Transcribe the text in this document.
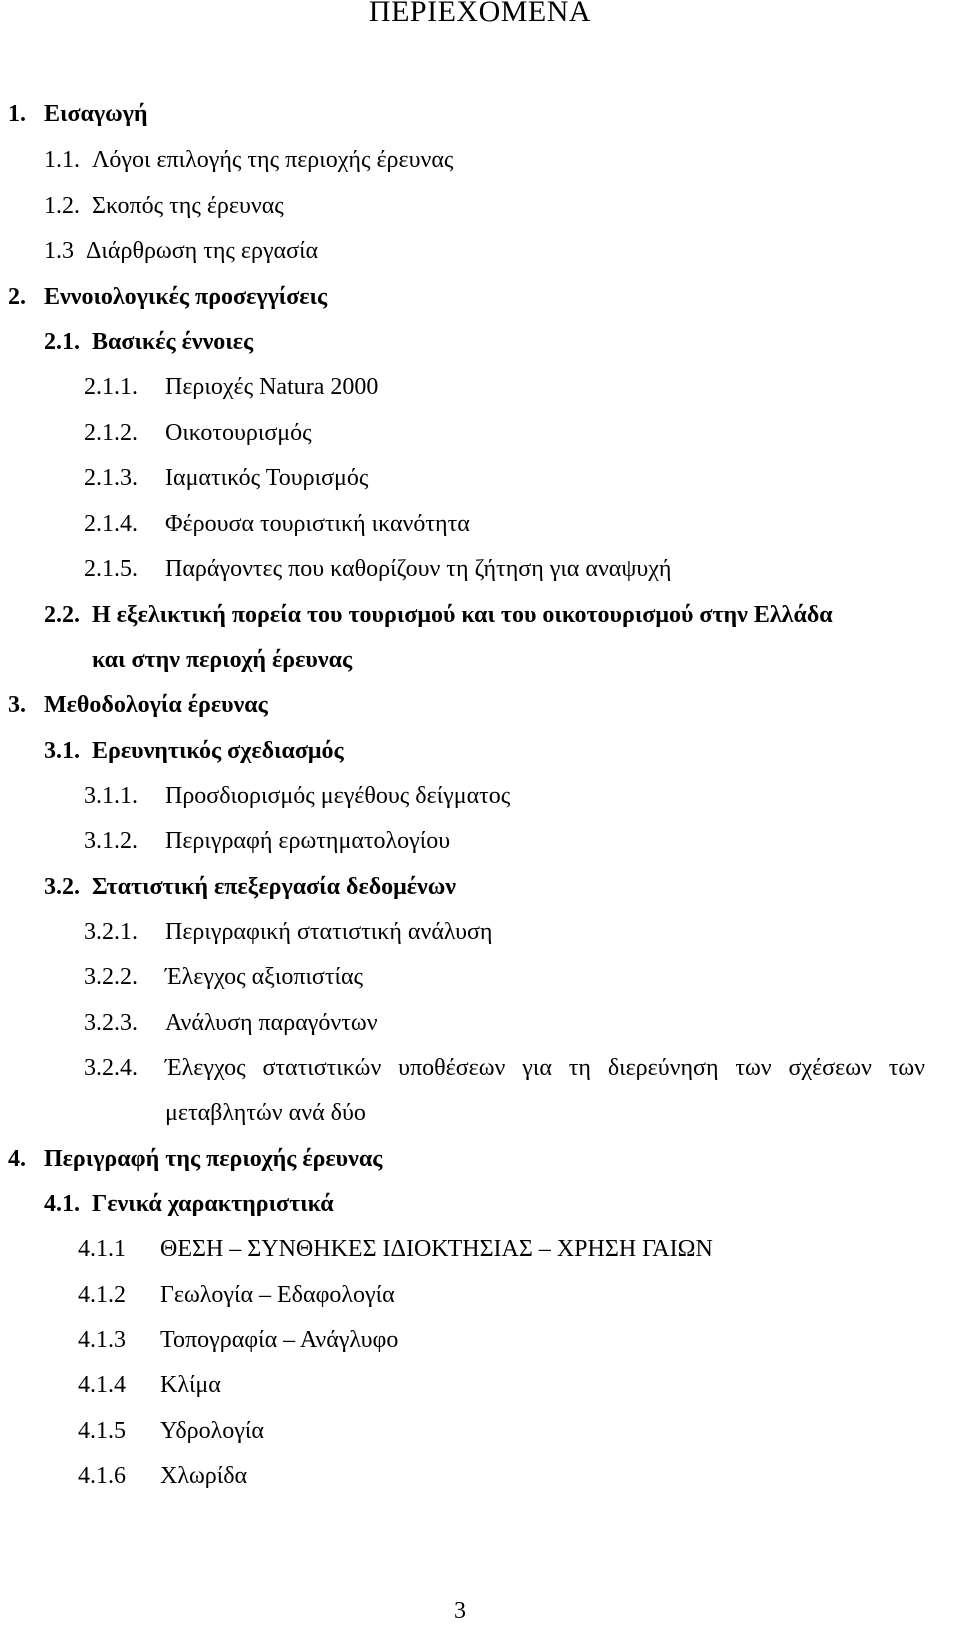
ΠΕΡΙΕΧΟΜΕΝΑ
1. Εισαγωγή
1.1. Λόγοι επιλογής της περιοχής έρευνας
1.2. Σκοπός της έρευνας
1.3 Διάρθρωση της εργασία
2. Εννοιολογικές προσεγγίσεις
2.1. Βασικές έννοιες
2.1.1. Περιοχές Natura 2000
2.1.2. Οικοτουρισμός
2.1.3. Ιαματικός Τουρισμός
2.1.4. Φέρουσα τουριστική ικανότητα
2.1.5. Παράγοντες που καθορίζουν τη ζήτηση για αναψυχή
2.2. Η εξελικτική πορεία του τουρισμού και του οικοτουρισμού στην Ελλάδα
και στην περιοχή έρευνας
3. Μεθοδολογία έρευνας
3.1. Ερευνητικός σχεδιασμός
3.1.1. Προσδιορισμός μεγέθους δείγματος
3.1.2. Περιγραφή ερωτηματολογίου
3.2. Στατιστική επεξεργασία δεδομένων
3.2.1. Περιγραφική στατιστική ανάλυση
3.2.2. Έλεγχος αξιοπιστίας
3.2.3. Ανάλυση παραγόντων
3.2.4. Έλεγχος στατιστικών υποθέσεων για τη διερεύνηση των σχέσεων των
μεταβλητών ανά δύο
4. Περιγραφή της περιοχής έρευνας
4.1. Γενικά χαρακτηριστικά
4.1.1 ΘΕΣΗ – ΣΥΝΘΗΚΕΣ ΙΔΙΟΚΤΗΣΙΑΣ – ΧΡΗΣΗ ΓΑΙΩΝ
4.1.2 Γεωλογία – Εδαφολογία
4.1.3 Τοπογραφία – Ανάγλυφο
4.1.4 Κλίμα
4.1.5 Υδρολογία
4.1.6 Χλωρίδα
3
